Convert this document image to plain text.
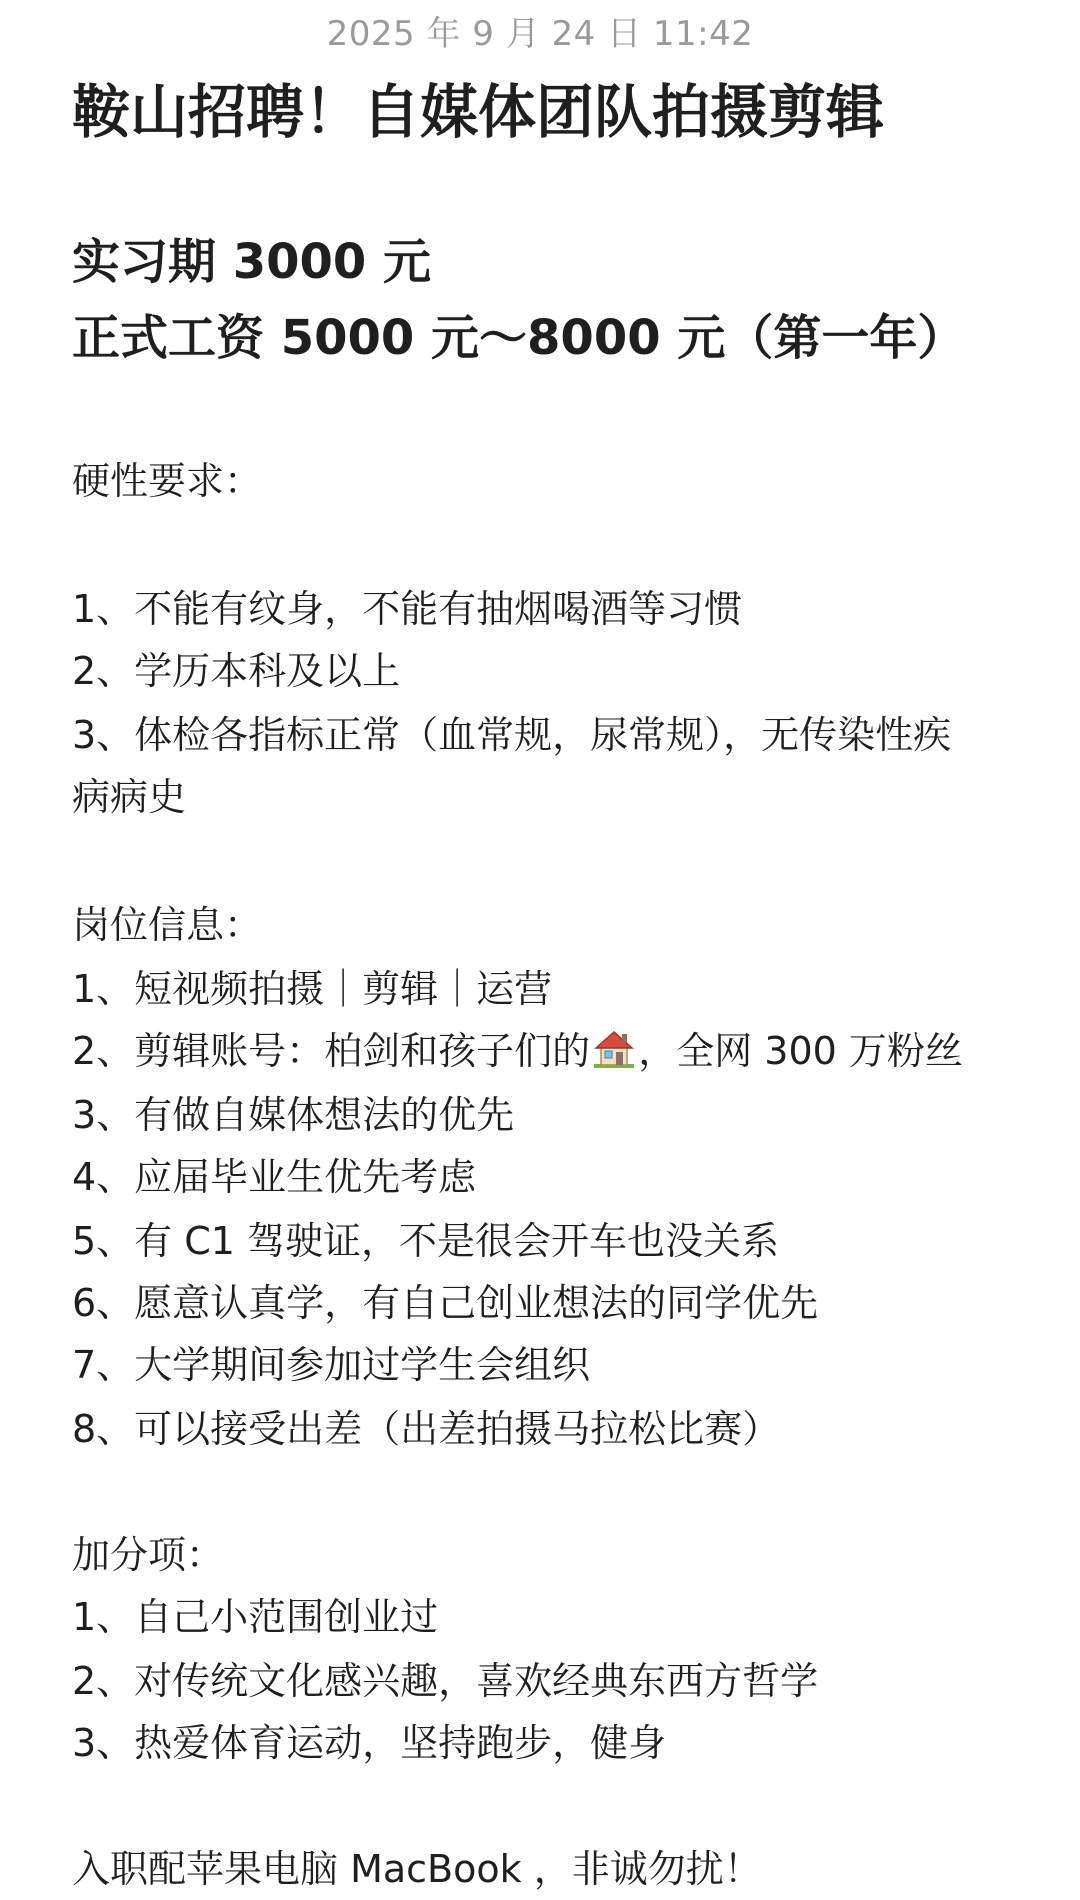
2025 年 9 月 24 日 11:42
鞍山招聘！自媒体团队拍摄剪辑
实习期 3000 元
正式工资 5000 元～8000 元（第一年）
硬性要求：
1、不能有纹身，不能有抽烟喝酒等习惯
2、学历本科及以上
3、体检各指标正常（血常规，尿常规），无传染性疾
病病史
岗位信息：
1、短视频拍摄｜剪辑｜运营
2、剪辑账号：柏剑和孩子们的 ，全网 300 万粉丝
3、有做自媒体想法的优先
4、应届毕业生优先考虑
5、有 C1 驾驶证，不是很会开车也没关系
6、愿意认真学，有自己创业想法的同学优先
7、大学期间参加过学生会组织
8、可以接受出差（出差拍摄马拉松比赛）
加分项：
1、自己小范围创业过
2、对传统文化感兴趣，喜欢经典东西方哲学
3、热爱体育运动，坚持跑步，健身
入职配苹果电脑 MacBook ，非诚勿扰！
